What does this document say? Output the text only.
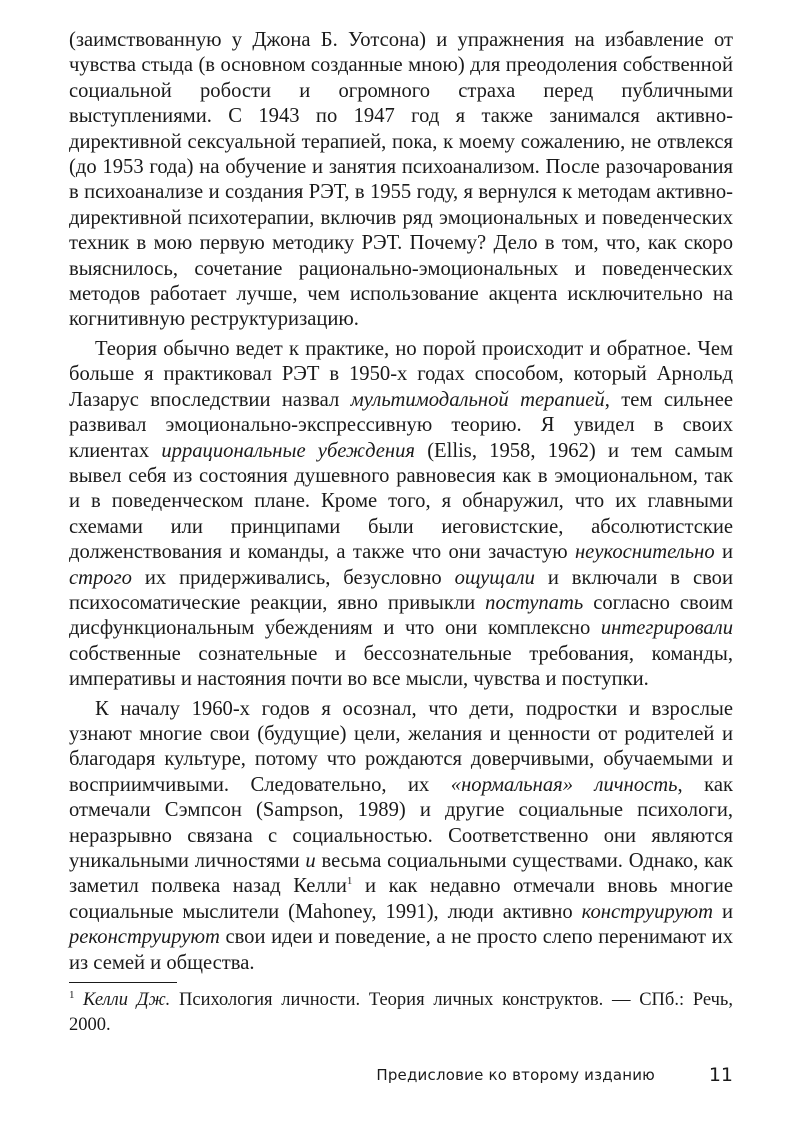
(заимствованную у Джона Б. Уотсона) и упражнения на избавление от чувства стыда (в основном созданные мною) для преодоления собственной социальной робости и огромного страха перед публичными выступлениями. С 1943 по 1947 год я также занимался активно-директивной сексуальной терапией, пока, к моему сожалению, не отвлекся (до 1953 года) на обучение и занятия психоанализом. После разочарования в психоанализе и создания РЭТ, в 1955 году, я вернулся к методам активно-директивной психотерапии, включив ряд эмоциональных и поведенческих техник в мою первую методику РЭТ. Почему? Дело в том, что, как скоро выяснилось, сочетание рационально-эмоциональных и поведенческих методов работает лучше, чем использование акцента исключительно на когнитивную реструктуризацию.

Теория обычно ведет к практике, но порой происходит и обратное. Чем больше я практиковал РЭТ в 1950-х годах способом, который Арнольд Лазарус впоследствии назвал мультимодальной терапией, тем сильнее развивал эмоционально-экспрессивную теорию. Я увидел в своих клиентах иррациональные убеждения (Ellis, 1958, 1962) и тем самым вывел себя из состояния душевного равновесия как в эмоциональном, так и в поведенческом плане. Кроме того, я обнаружил, что их главными схемами или принципами были иеговистские, абсолютистские долженствования и команды, а также что они зачастую неукоснительно и строго их придерживались, безусловно ощущали и включали в свои психосоматические реакции, явно привыкли поступать согласно своим дисфункциональным убеждениям и что они комплексно интегрировали собственные сознательные и бессознательные требования, команды, императивы и настояния почти во все мысли, чувства и поступки.

К началу 1960-х годов я осознал, что дети, подростки и взрослые узнают многие свои (будущие) цели, желания и ценности от родителей и благодаря культуре, потому что рождаются доверчивыми, обучаемыми и восприимчивыми. Следовательно, их «нормальная» личность, как отмечали Сэмпсон (Sampson, 1989) и другие социальные психологи, неразрывно связана с социальностью. Соответственно они являются уникальными личностями и весьма социальными существами. Однако, как заметил полвека назад Келли$^1$ и как недавно отмечали вновь многие социальные мыслители (Mahoney, 1991), люди активно конструируют и реконструируют свои идеи и поведение, а не просто слепо перенимают их из семей и общества.

1 Келли Дж. Психология личности. Теория личных конструктов. — СПб.: Речь, 2000.

Предисловие ко второму изданию	11
